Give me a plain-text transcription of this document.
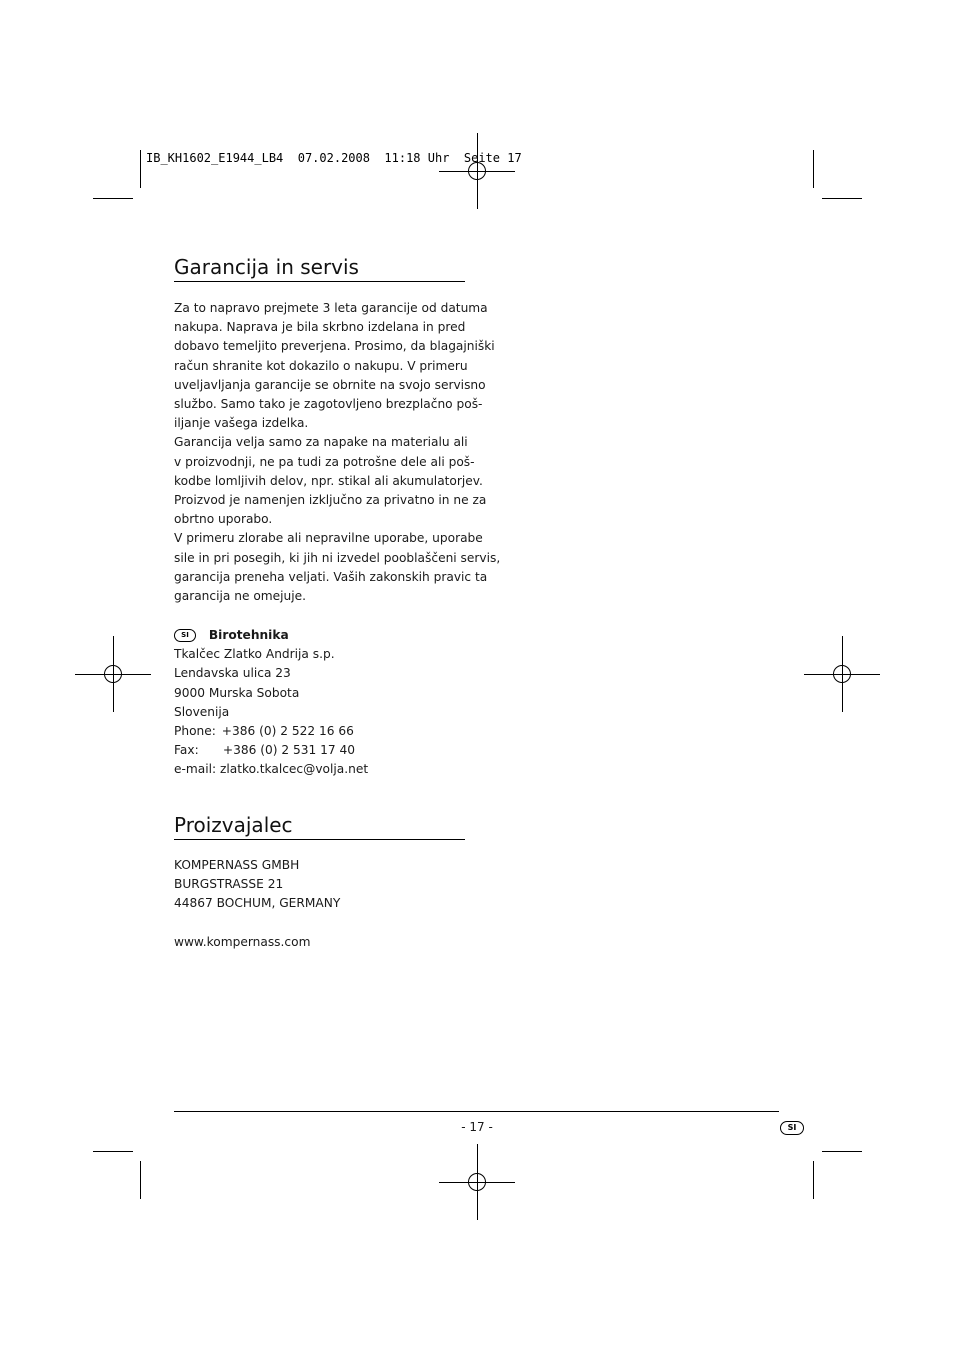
IB_KH1602_E1944_LB4  07.02.2008  11:18 Uhr  Seite 17
Garancija in servis
Za to napravo prejmete 3 leta garancije od datuma
nakupa. Naprava je bila skrbno izdelana in pred
dobavo temeljito preverjena. Prosimo, da blagajniški
račun shranite kot dokazilo o nakupu. V primeru
uveljavljanja garancije se obrnite na svojo servisno
službo. Samo tako je zagotovljeno brezplačno poš-
iljanje vašega izdelka.
Garancija velja samo za napake na materialu ali
v proizvodnji, ne pa tudi za potrošne dele ali poš-
kodbe lomljivih delov, npr. stikal ali akumulatorjev.
Proizvod je namenjen izključno za privatno in ne za
obrtno uporabo.
V primeru zlorabe ali nepravilne uporabe, uporabe
sile in pri posegih, ki jih ni izvedel pooblaščeni servis,
garancija preneha veljati. Vaših zakonskih pravic ta
garancija ne omejuje.
SI Birotehnika
Tkalčec Zlatko Andrija s.p.
Lendavska ulica 23
9000 Murska Sobota
Slovenija
Phone: +386 (0) 2 522 16 66
Fax: +386 (0) 2 531 17 40
e-mail: zlatko.tkalcec@volja.net
Proizvajalec
KOMPERNASS GMBH
BURGSTRASSE 21
44867 BOCHUM, GERMANY
www.kompernass.com
- 17 -	SI
